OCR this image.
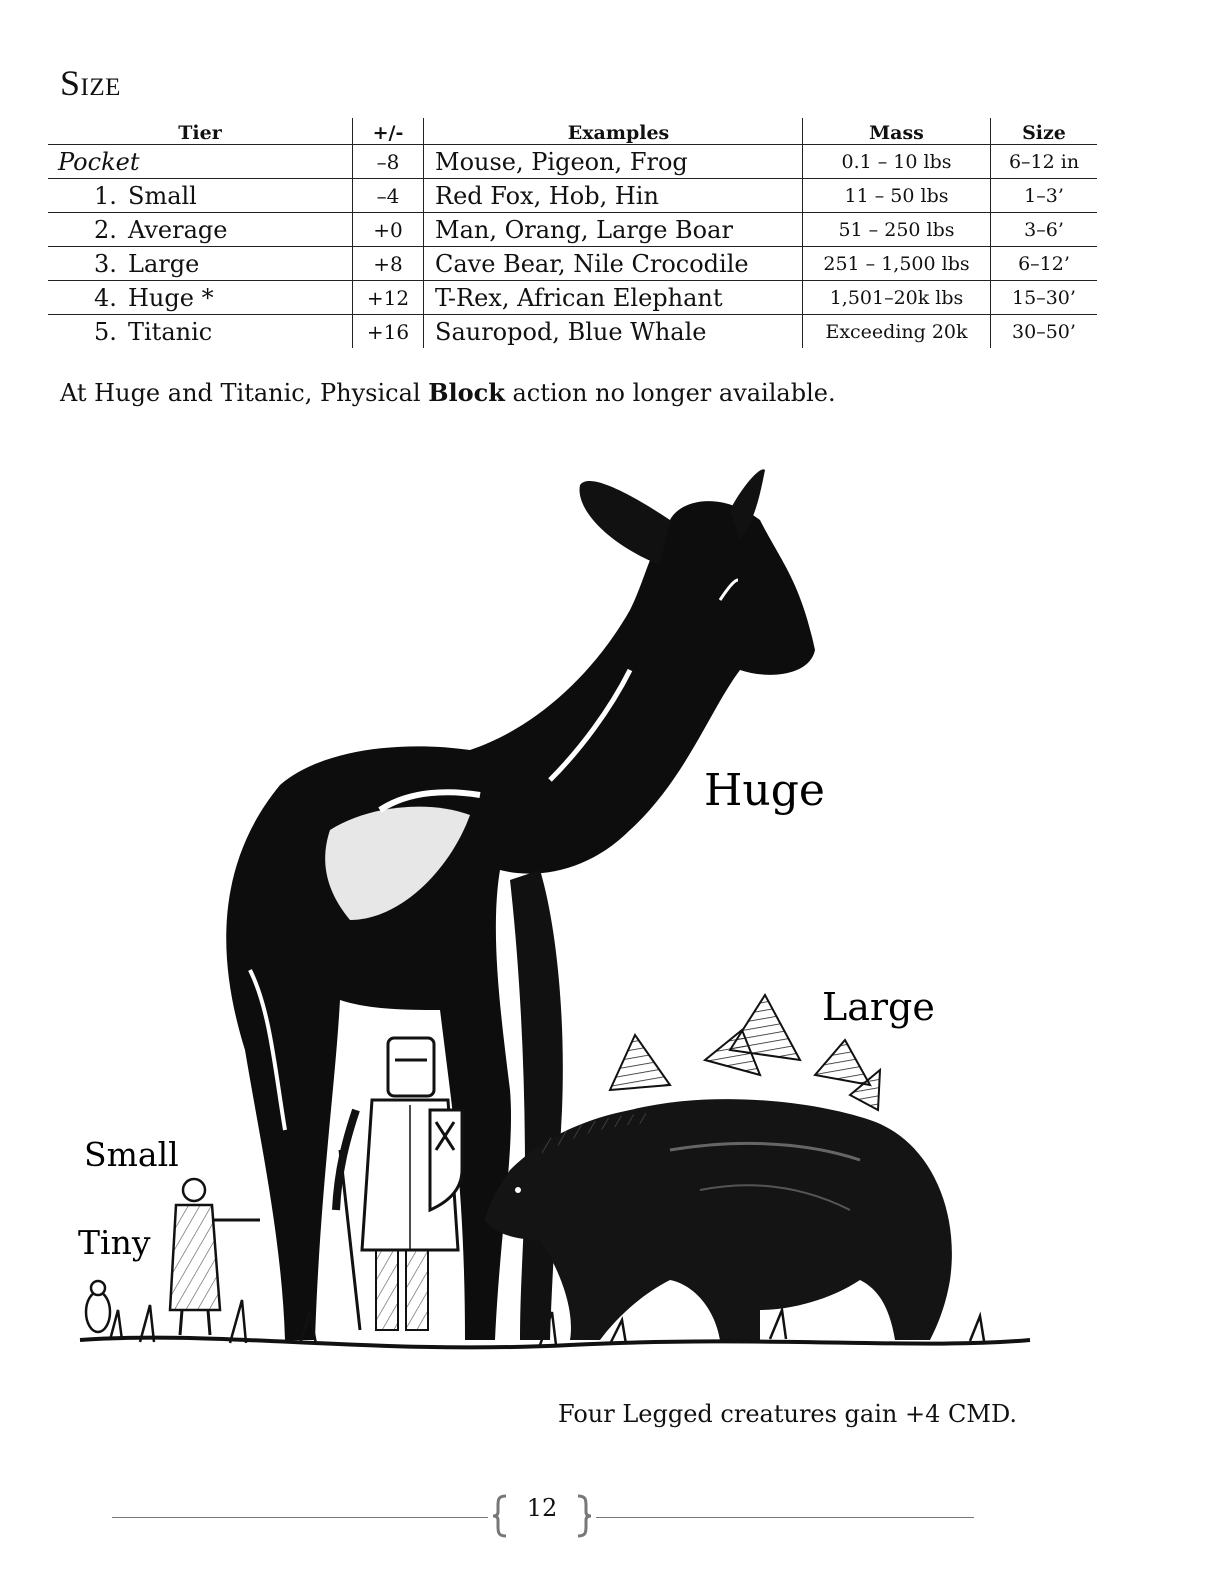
Size
Tier	+/-	Examples	Mass	Size
Pocket	–8	Mouse, Pigeon, Frog	0.1 – 10 lbs	6–12 in
1. Small	–4	Red Fox, Hob, Hin	11 – 50 lbs	1–3’
2. Average	+0	Man, Orang, Large Boar	51 – 250 lbs	3–6’
3. Large	+8	Cave Bear, Nile Crocodile	251 – 1,500 lbs	6–12’
4. Huge *	+12	T-Rex, African Elephant	1,501–20k lbs	15–30’
5. Titanic	+16	Sauropod, Blue Whale	Exceeding 20k	30–50’
At Huge and Titanic, Physical Block action no longer available.
Huge
Large
Small
Tiny
Four Legged creatures gain +4 CMD.
12
